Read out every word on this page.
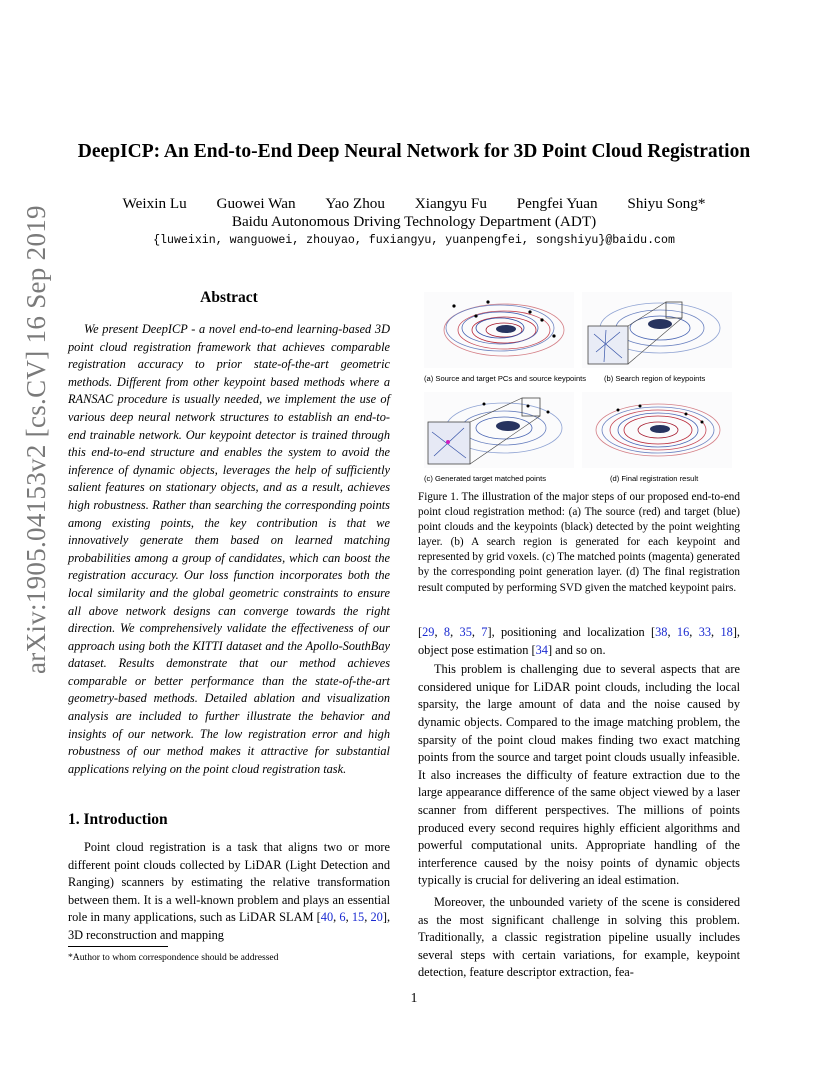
arXiv:1905.04153v2 [cs.CV] 16 Sep 2019
DeepICP: An End-to-End Deep Neural Network for 3D Point Cloud Registration
Weixin Lu Guowei Wan Yao Zhou Xiangyu Fu Pengfei Yuan Shiyu Song*
Baidu Autonomous Driving Technology Department (ADT)
{luweixin, wanguowei, zhouyao, fuxiangyu, yuanpengfei, songshiyu}@baidu.com
Abstract

We present DeepICP - a novel end-to-end learning-based 3D point cloud registration framework that achieves comparable registration accuracy to prior state-of-the-art geometric methods. Different from other keypoint based methods where a RANSAC procedure is usually needed, we implement the use of various deep neural network structures to establish an end-to-end trainable network. Our keypoint detector is trained through this end-to-end structure and enables the system to avoid the inference of dynamic objects, leverages the help of sufficiently salient features on stationary objects, and as a result, achieves high robustness. Rather than searching the corresponding points among existing points, the key contribution is that we innovatively generate them based on learned matching probabilities among a group of candidates, which can boost the registration accuracy. Our loss function incorporates both the local similarity and the global geometric constraints to ensure all above network designs can converge towards the right direction. We comprehensively validate the effectiveness of our approach using both the KITTI dataset and the Apollo-SouthBay dataset. Results demonstrate that our method achieves comparable or better performance than the state-of-the-art geometry-based methods. Detailed ablation and visualization analysis are included to further illustrate the behavior and insights of our network. The low registration error and high robustness of our method makes it attractive for substantial applications relying on the point cloud registration task.

1. Introduction

Point cloud registration is a task that aligns two or more different point clouds collected by LiDAR (Light Detection and Ranging) scanners by estimating the relative transformation between them. It is a well-known problem and plays an essential role in many applications, such as LiDAR SLAM [40, 6, 15, 20], 3D reconstruction and mapping

(a) Source and target PCs and source keypoints (b) Search region of keypoints
(c) Generated target matched points	(d) Final registration result
Figure 1. The illustration of the major steps of our proposed end-to-end point cloud registration method: (a) The source (red) and target (blue) point clouds and the keypoints (black) detected by the point weighting layer. (b) A search region is generated for each keypoint and represented by grid voxels. (c) The matched points (magenta) generated by the corresponding point generation layer. (d) The final registration result computed by performing SVD given the matched keypoint pairs.

[29, 8, 35, 7], positioning and localization [38, 16, 33, 18], object pose estimation [34] and so on.

This problem is challenging due to several aspects that are considered unique for LiDAR point clouds, including the local sparsity, the large amount of data and the noise caused by dynamic objects. Compared to the image matching problem, the sparsity of the point cloud makes finding two exact matching points from the source and target point clouds usually infeasible. It also increases the difficulty of feature extraction due to the large appearance difference of the same object viewed by a laser scanner from different perspectives. The millions of points produced every second requires highly efficient algorithms and powerful computational units. Appropriate handling of the interference caused by the noisy points of dynamic objects typically is crucial for delivering an ideal estimation.

Moreover, the unbounded variety of the scene is considered as the most significant challenge in solving this problem. Traditionally, a classic registration pipeline usually includes several steps with certain variations, for example, keypoint detection, feature descriptor extraction, fea-

*Author to whom correspondence should be addressed
1
